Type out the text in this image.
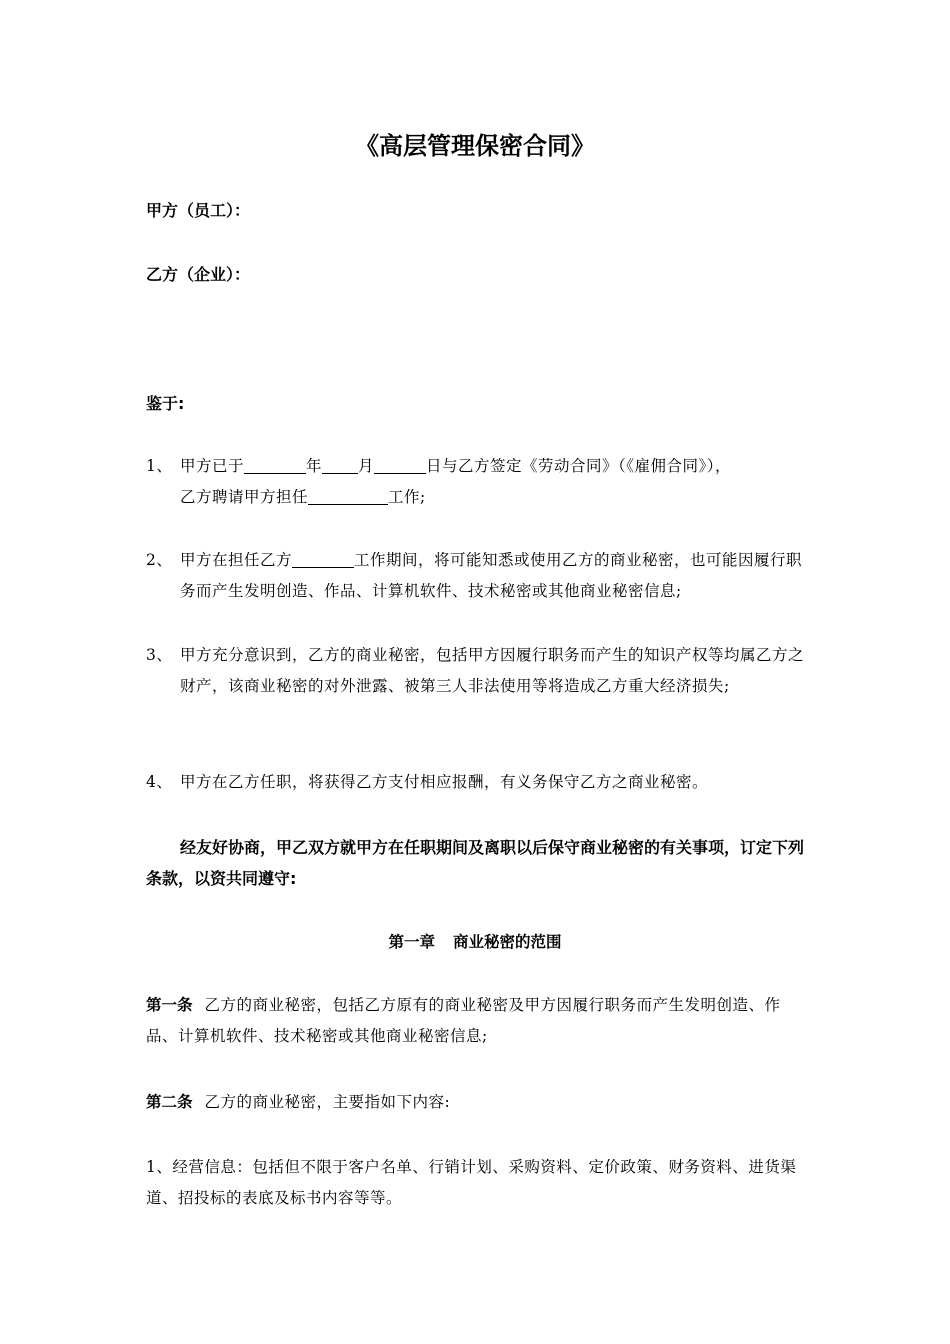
《高层管理保密合同》
甲方（员工）：
乙方（企业）：
鉴于:
1、 甲方已于	年 月	日与乙方签定《劳动合同》（《雇佣合同》），
乙方聘请甲方担任	工作;
2、 甲方在担任乙方	工作期间，将可能知悉或使用乙方的商业秘密，也可能因履行职务而产生发明创造、作品、计算机软件、技术秘密或其他商业秘密信息;
3、 甲方充分意识到，乙方的商业秘密，包括甲方因履行职务而产生的知识产权等均属乙方之财产，该商业秘密的对外泄露、被第三人非法使用等将造成乙方重大经济损失;
4、 甲方在乙方任职，将获得乙方支付相应报酬，有义务保守乙方之商业秘密。
经友好协商，甲乙双方就甲方在任职期间及离职以后保守商业秘密的有关事项，订定下列条款，以资共同遵守:
第一章 商业秘密的范围
第一条 乙方的商业秘密，包括乙方原有的商业秘密及甲方因履行职务而产生发明创造、作品、计算机软件、技术秘密或其他商业秘密信息;
第二条 乙方的商业秘密，主要指如下内容:
1、经营信息：包括但不限于客户名单、行销计划、采购资料、定价政策、财务资料、进货渠道、招投标的表底及标书内容等等。
